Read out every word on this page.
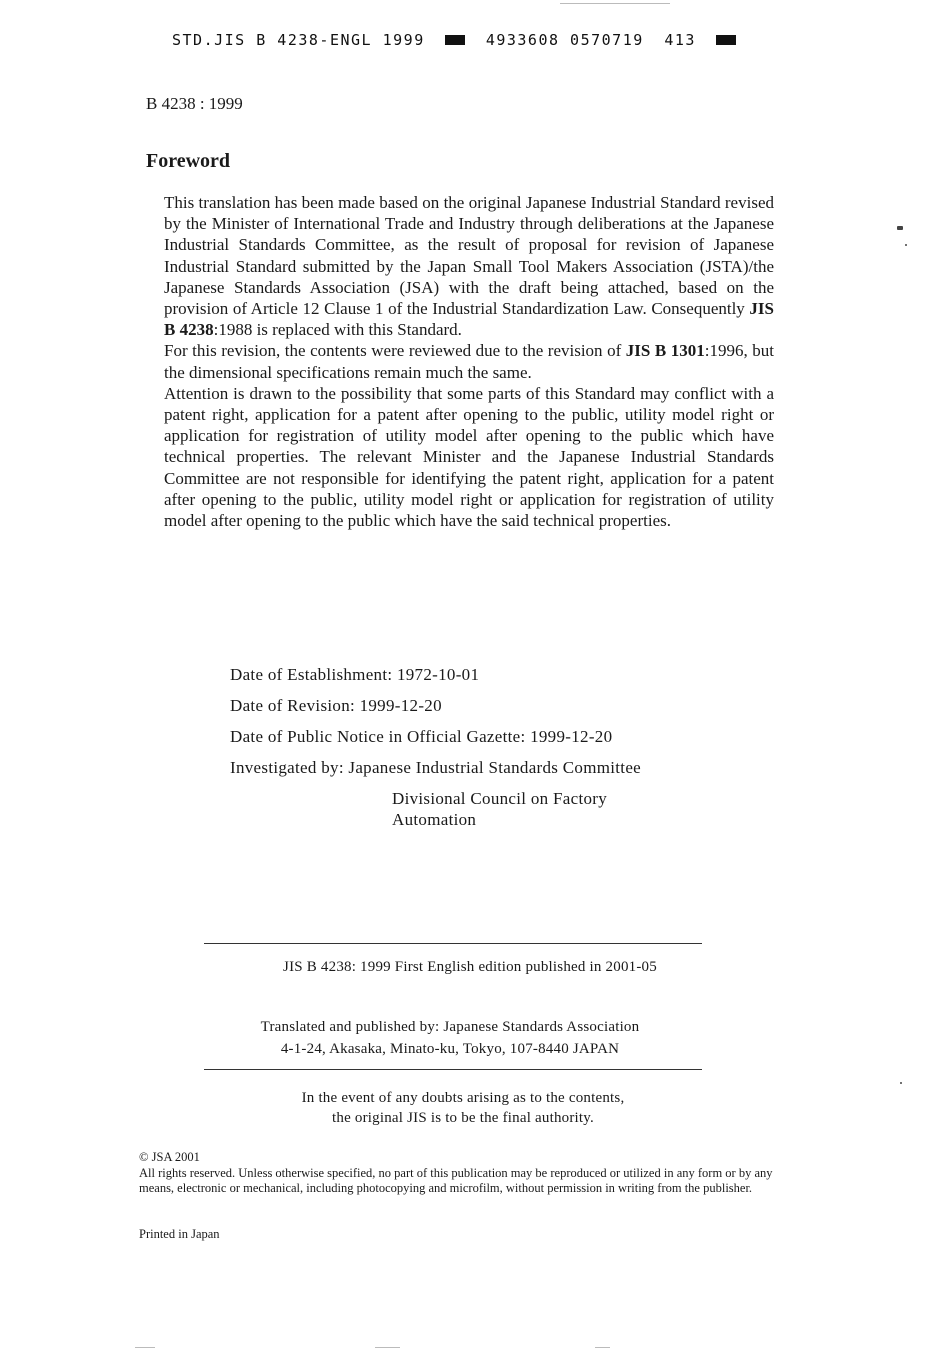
STD.JIS B 4238-ENGL 1999	4933608 0570719 413
B 4238 : 1999
Foreword

This translation has been made based on the original Japanese Industrial Standard revised by the Minister of International Trade and Industry through deliberations at the Japanese Industrial Standards Committee, as the result of proposal for revision of Japanese Industrial Standard submitted by the Japan Small Tool Makers Association (JSTA)/the Japanese Standards Association (JSA) with the draft being attached, based on the provision of Article 12 Clause 1 of the Industrial Standardization Law. Consequently JIS B 4238:1988 is replaced with this Standard.

For this revision, the contents were reviewed due to the revision of JIS B 1301:1996, but the dimensional specifications remain much the same.

Attention is drawn to the possibility that some parts of this Standard may conflict with a patent right, application for a patent after opening to the public, utility model right or application for registration of utility model after opening to the public which have technical properties. The relevant Minister and the Japanese Industrial Standards Committee are not responsible for identifying the patent right, application for a patent after opening to the public, utility model right or application for registration of utility model after opening to the public which have the said technical properties.

Date of Establishment: 1972-10-01
Date of Revision: 1999-12-20
Date of Public Notice in Official Gazette: 1999-12-20
Investigated by: Japanese Industrial Standards Committee
Divisional Council on Factory
Automation
JIS B 4238: 1999 First English edition published in 2001-05
Translated and published by: Japanese Standards Association
4-1-24, Akasaka, Minato-ku, Tokyo, 107-8440 JAPAN
In the event of any doubts arising as to the contents,
the original JIS is to be the final authority.

© JSA 2001

All rights reserved. Unless otherwise specified, no part of this publication may be reproduced or utilized in any form or by any means, electronic or mechanical, including photocopying and microfilm, without permission in writing from the publisher.

Printed in Japan
